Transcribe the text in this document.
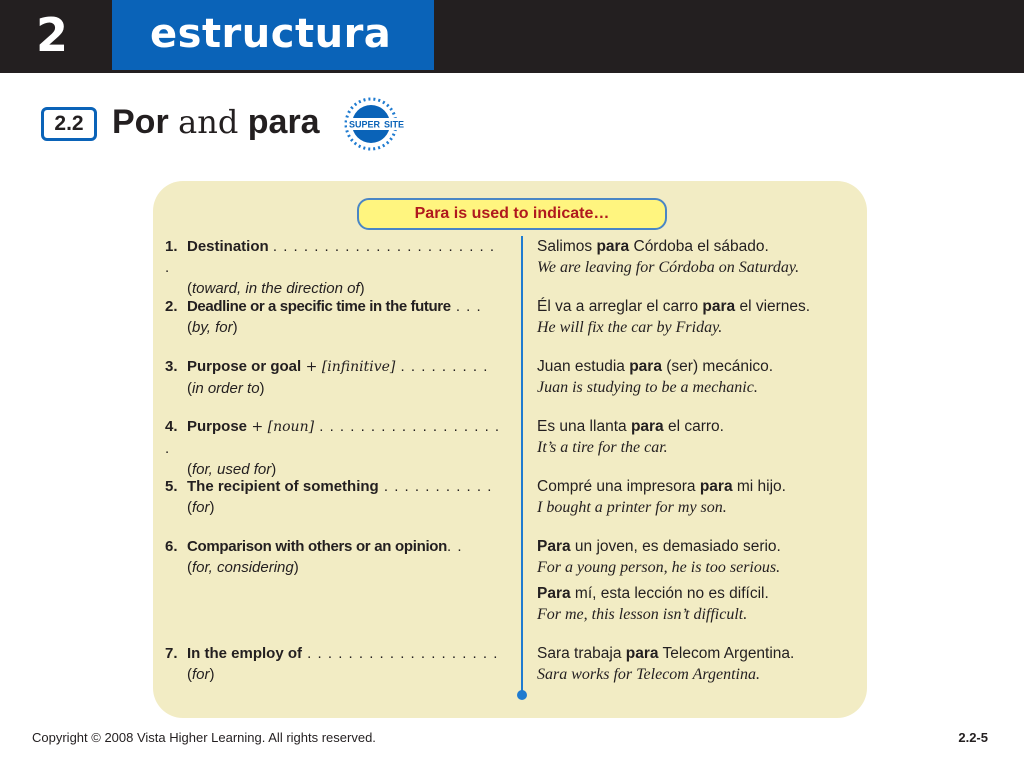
2	estructura
2.2 Por and para	SUPER SITE
Para is used to indicate…
1. Destination . . . . . . . . . . . . . . . . . . . . . . .
(toward, in the direction of)
Salimos para Córdoba el sábado.
We are leaving for Córdoba on Saturday.
2. Deadline or a specific time in the future . . .
(by, for)
Él va a arreglar el carro para el viernes.
He will fix the car by Friday.
3. Purpose or goal + [infinitive] . . . . . . . . .
(in order to)
Juan estudia para (ser) mecánico.
Juan is studying to be a mechanic.
4. Purpose + [noun] . . . . . . . . . . . . . . . . . . .
(for, used for)
Es una llanta para el carro.
It’s a tire for the car.
5. The recipient of something . . . . . . . . . . .
(for)
Compré una impresora para mi hijo.
I bought a printer for my son.
6. Comparison with others or an opinion. .
(for, considering)
Para un joven, es demasiado serio.
For a young person, he is too serious.
Para mí, esta lección no es difícil.
For me, this lesson isn’t difficult.
7. In the employ of . . . . . . . . . . . . . . . . . . .
(for)
Sara trabaja para Telecom Argentina.
Sara works for Telecom Argentina.
Copyright © 2008 Vista Higher Learning. All rights reserved.	2.2-5
